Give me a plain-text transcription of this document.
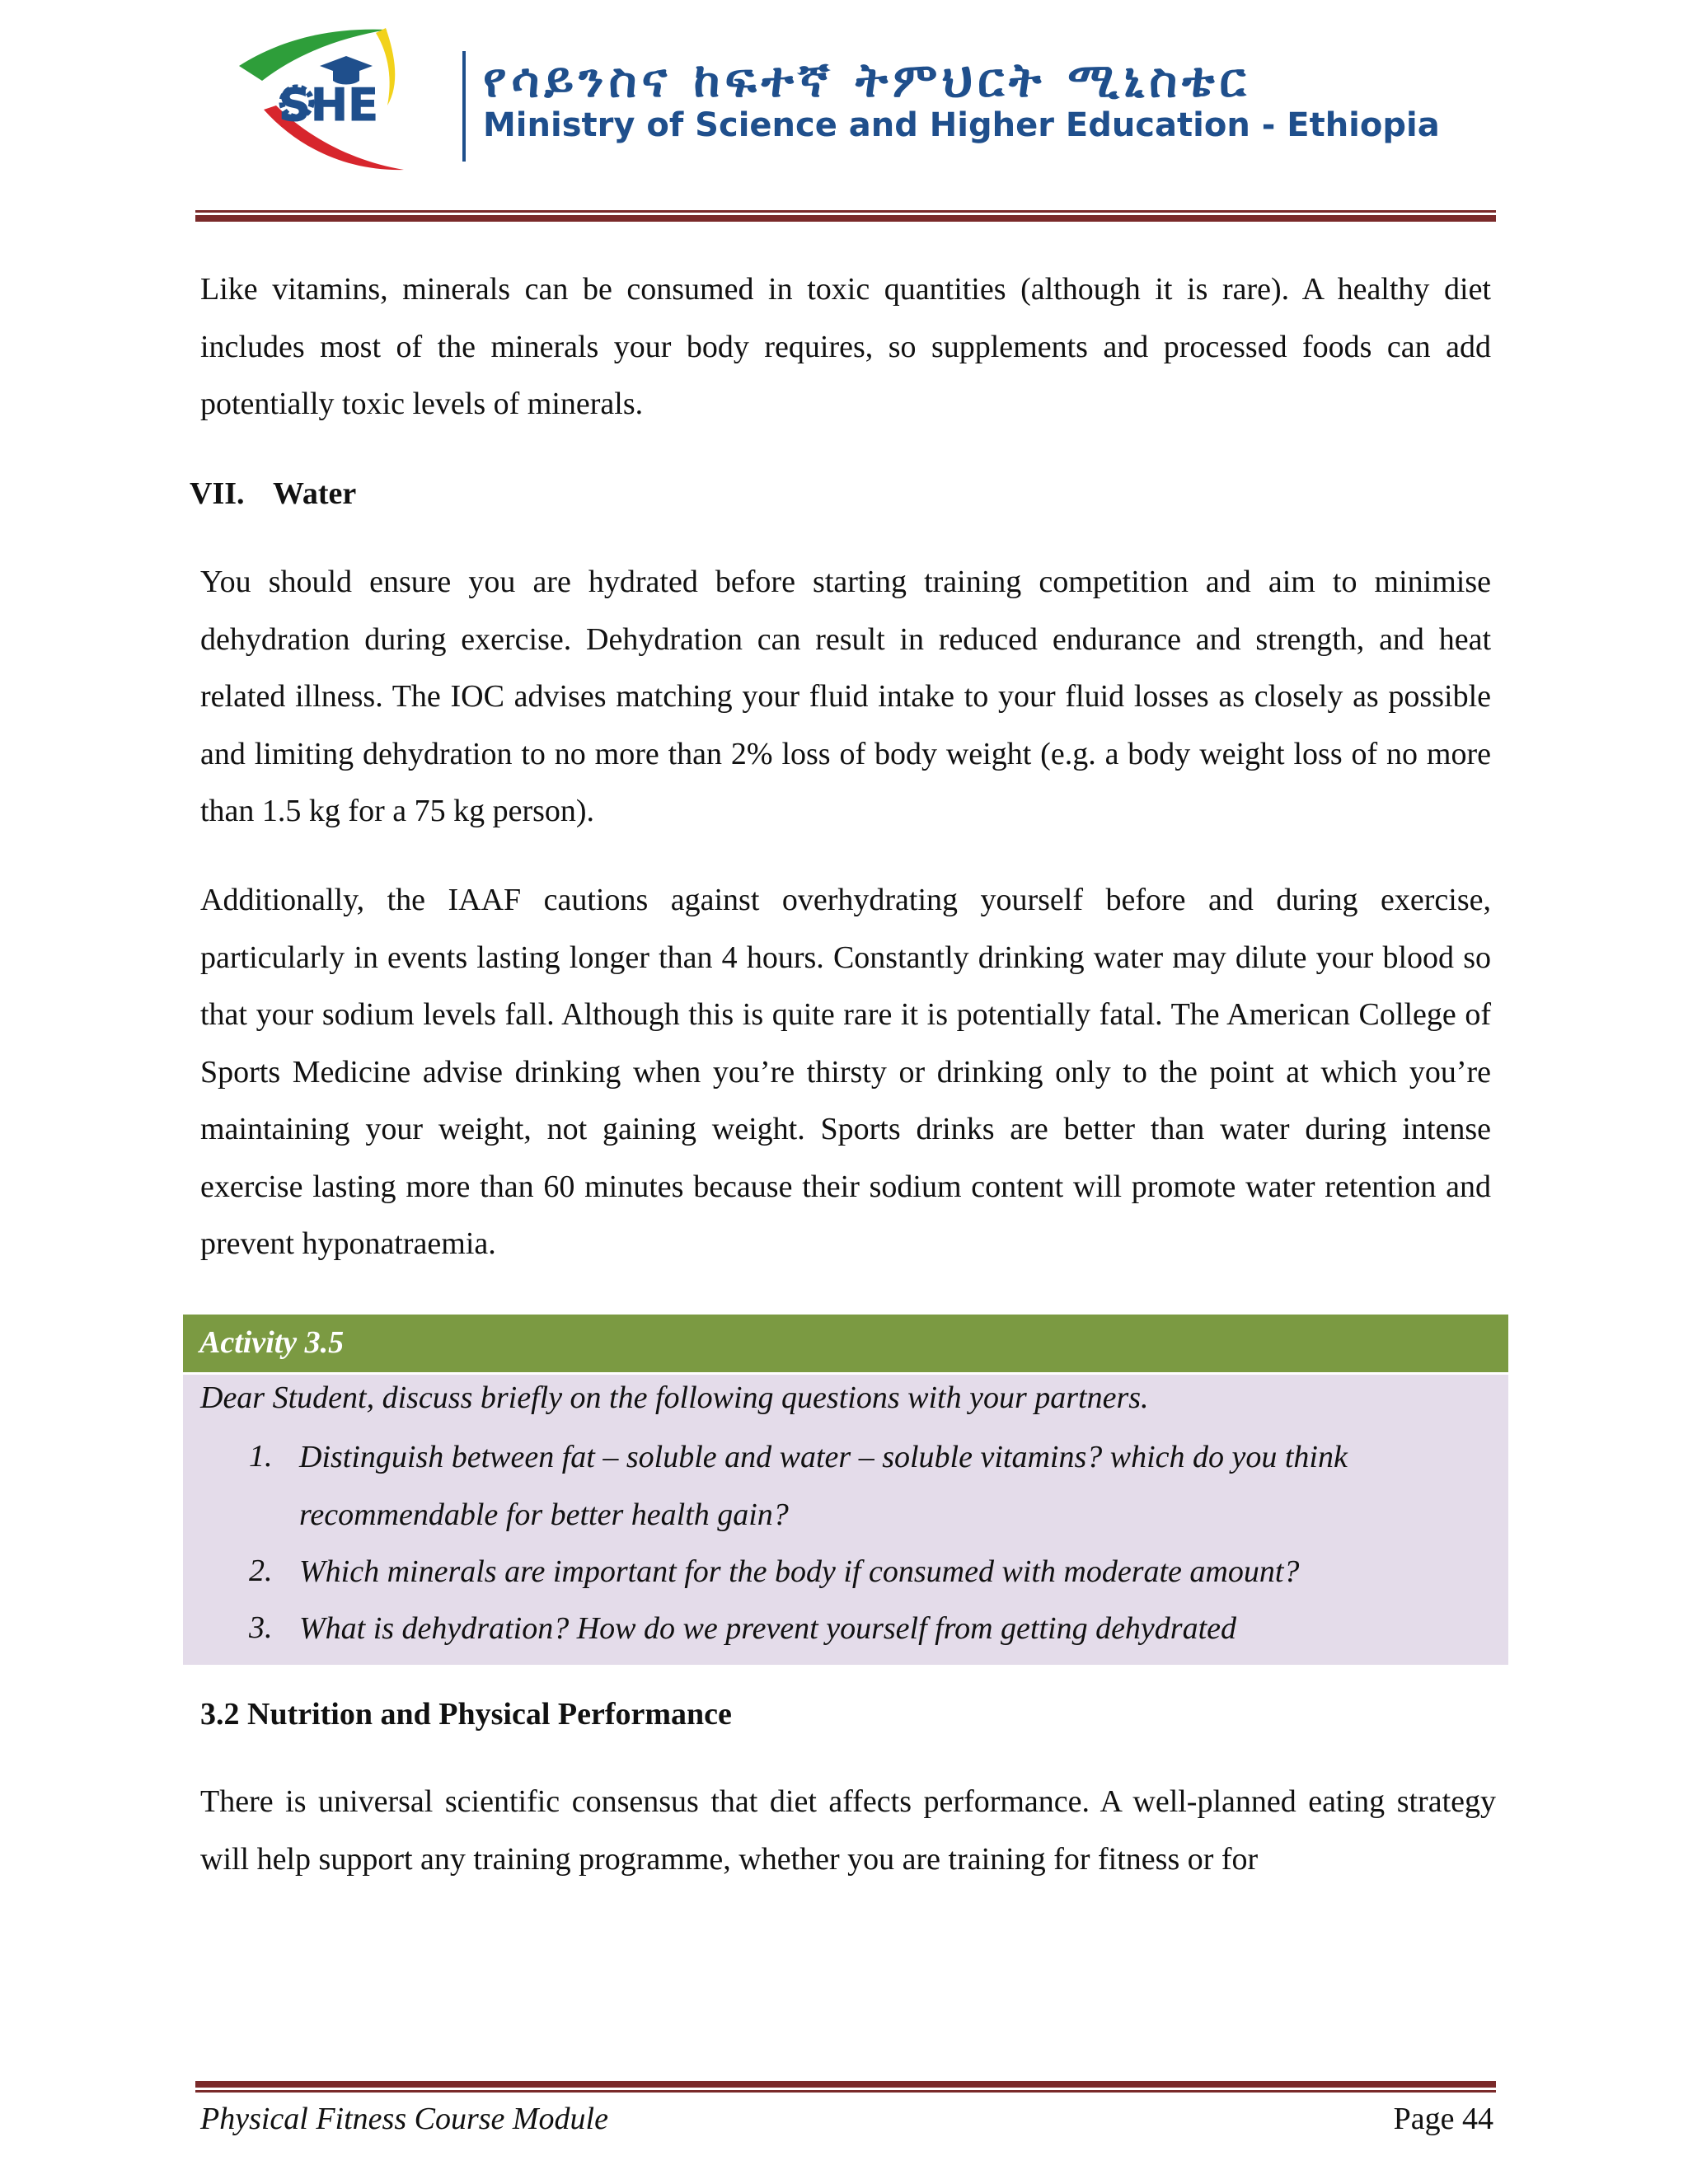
SHE የሳይንስና ከፍተኛ ትምህርት ሚኒስቴር
Ministry of Science and Higher Education - Ethiopia

Like vitamins, minerals can be consumed in toxic quantities (although it is rare). A healthy diet includes most of the minerals your body requires, so supplements and processed foods can add potentially toxic levels of minerals.

VII. Water

You should ensure you are hydrated before starting training competition and aim to minimise dehydration during exercise. Dehydration can result in reduced endurance and strength, and heat related illness. The IOC advises matching your fluid intake to your fluid losses as closely as possible and limiting dehydration to no more than 2% loss of body weight (e.g. a body weight loss of no more than 1.5 kg for a 75 kg person).

Additionally, the IAAF cautions against overhydrating yourself before and during exercise, particularly in events lasting longer than 4 hours. Constantly drinking water may dilute your blood so that your sodium levels fall. Although this is quite rare it is potentially fatal. The American College of Sports Medicine advise drinking when you’re thirsty or drinking only to the point at which you’re maintaining your weight, not gaining weight. Sports drinks are better than water during intense exercise lasting more than 60 minutes because their sodium content will promote water retention and prevent hyponatraemia.

Activity 3.5

Dear Student, discuss briefly on the following questions with your partners.

1. Distinguish between fat – soluble and water – soluble vitamins? which do you think recommendable for better health gain?

2. Which minerals are important for the body if consumed with moderate amount?

3. What is dehydration? How do we prevent yourself from getting dehydrated

3.2 Nutrition and Physical Performance

There is universal scientific consensus that diet affects performance. A well-planned eating strategy will help support any training programme, whether you are training for fitness or for

Physical Fitness Course Module	Page 44
